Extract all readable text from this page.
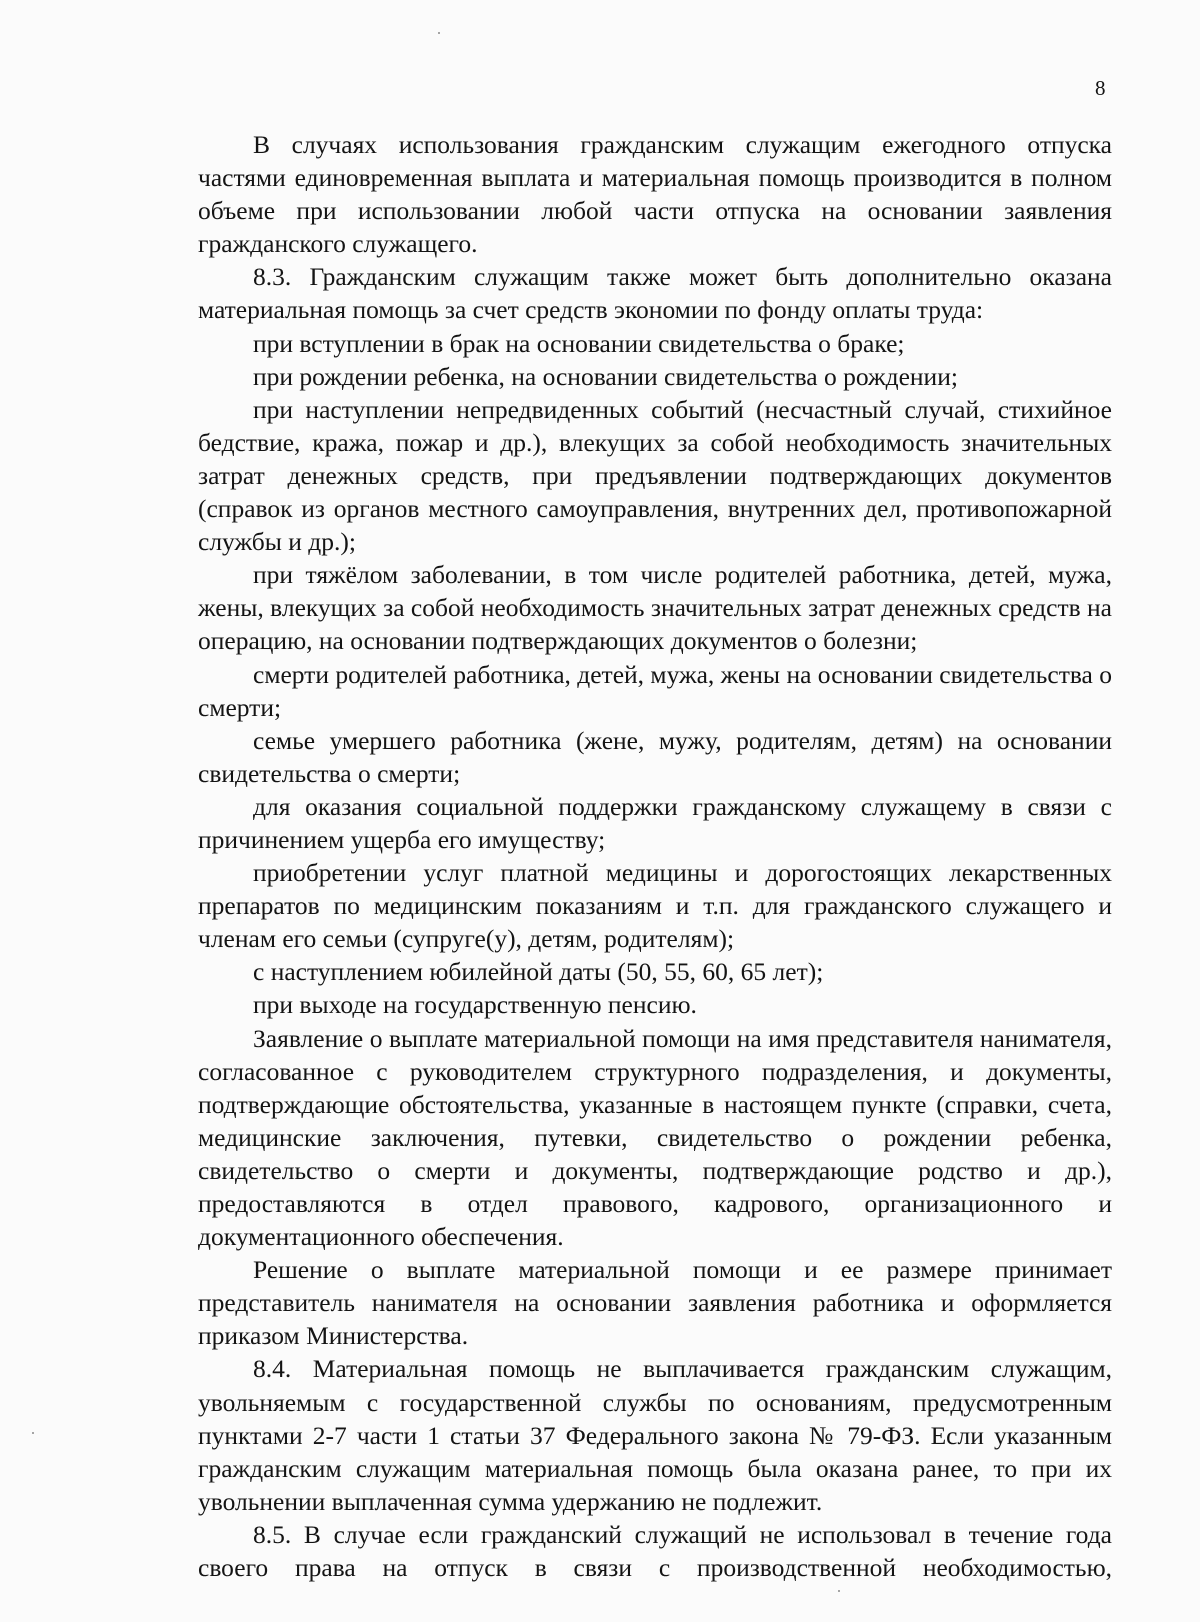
8

В случаях использования гражданским служащим ежегодного отпуска частями единовременная выплата и материальная помощь производится в полном объеме при использовании любой части отпуска на основании заявления гражданского служащего.

8.3. Гражданским служащим также может быть дополнительно оказана материальная помощь за счет средств экономии по фонду оплаты труда:

при вступлении в брак на основании свидетельства о браке;

при рождении ребенка, на основании свидетельства о рождении;

при наступлении непредвиденных событий (несчастный случай, стихийное бедствие, кража, пожар и др.), влекущих за собой необходимость значительных затрат денежных средств, при предъявлении подтверждающих документов (справок из органов местного самоуправления, внутренних дел, противопожарной службы и др.);

при тяжёлом заболевании, в том числе родителей работника, детей, мужа, жены, влекущих за собой необходимость значительных затрат денежных средств на операцию, на основании подтверждающих документов о болезни;

смерти родителей работника, детей, мужа, жены на основании свидетельства о смерти;

семье умершего работника (жене, мужу, родителям, детям) на основании свидетельства о смерти;

для оказания социальной поддержки гражданскому служащему в связи с причинением ущерба его имуществу;

приобретении услуг платной медицины и дорогостоящих лекарственных препаратов по медицинским показаниям и т.п. для гражданского служащего и членам его семьи (супруге(у), детям, родителям);

с наступлением юбилейной даты (50, 55, 60, 65 лет);

при выходе на государственную пенсию.

Заявление о выплате материальной помощи на имя представителя нанимателя, согласованное с руководителем структурного подразделения, и документы, подтверждающие обстоятельства, указанные в настоящем пункте (справки, счета, медицинские заключения, путевки, свидетельство о рождении ребенка, свидетельство о смерти и документы, подтверждающие родство и др.), предоставляются в отдел правового, кадрового, организационного и документационного обеспечения.

Решение о выплате материальной помощи и ее размере принимает представитель нанимателя на основании заявления работника и оформляется приказом Министерства.

8.4. Материальная помощь не выплачивается гражданским служащим, увольняемым с государственной службы по основаниям, предусмотренным пунктами 2-7 части 1 статьи 37 Федерального закона № 79-ФЗ. Если указанным гражданским служащим материальная помощь была оказана ранее, то при их увольнении выплаченная сумма удержанию не подлежит.

8.5. В случае если гражданский служащий не использовал в течение года своего права на отпуск в связи с производственной необходимостью,
